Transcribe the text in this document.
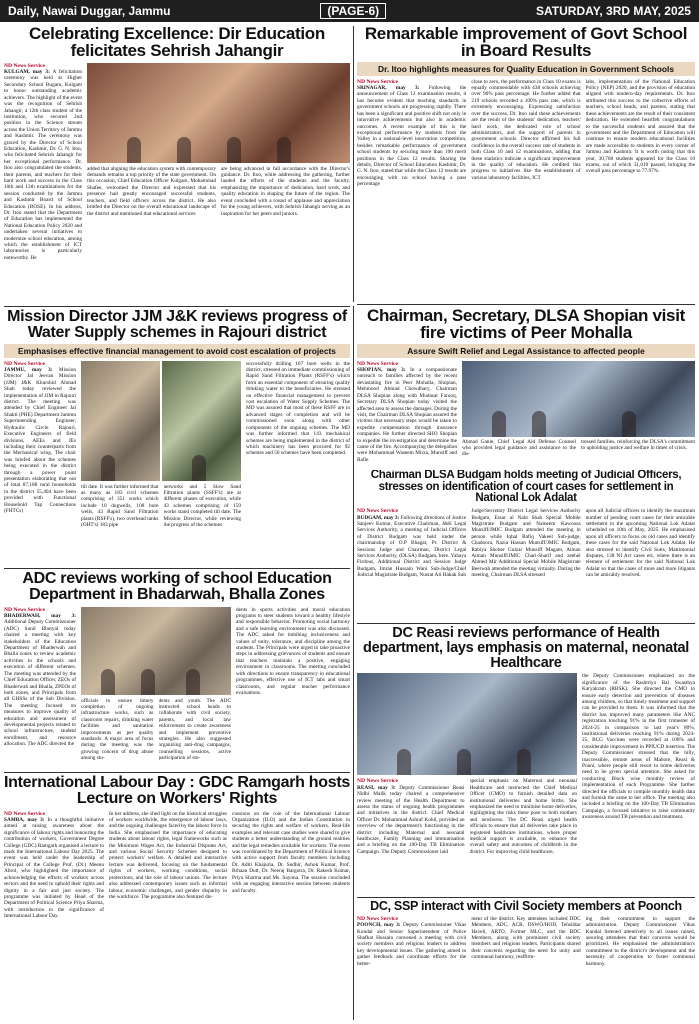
Daily, Nawai Duggar, Jammu	(PAGE-6)	SATURDAY, 3RD MAY, 2025
Celebrating Excellence: Dir Education felicitates Sehrish Jahangir
ND News Service
KULGAM, may 3: A felicitation ceremony was held at Higher Secondary School Bugam, Kulgam to honor outstanding academic achievers. The highlight of the event was the recognition of Sehrish Jahangir, a 12th class student of the institution, who secured 2nd position in the Science stream across the Union Territory of Jammu and Kashmir. The ceremony was graced by the Director of School Education, Kashmir, Dr. G. N. Itoo, who felicitated Sehrish Jahangir for her exceptional performance. Dr. Itoo also congratulated the students, their parents, and teachers for their hard work and success in the Class 10th and 12th examinations for the session conducted by the Jammu and Kashmir Board of School Education (BOSE). In his address, Dr. Itoo stated that the Department of Education has implemented the National Education Policy 2020 and undertaken several initiatives to modernize school education, among which the establishment of ICT laboratories is particularly noteworthy. He
added that aligning the education system with contemporary demands remains a top priority of the state government. On this occasion, Chief Education Officer Kulgam, Mohammad Shafee, welcomed the Director and expressed that his presence had greatly encouraged successful students, teachers, and field officers across the district. He also briefed the Director on the overall educational landscape of the district and mentioned that educational services
are being advanced in full accordance with the Director's guidance. Dr. Itoo, while addressing the gathering, further lauded the efforts of the students and the faculty, emphasizing the importance of dedication, hard work, and quality education in shaping the future of the region. The event concluded with a round of applause and appreciation for the young achievers, with Sehrish Jahangir serving as an inspiration for her peers and juniors.
Remarkable improvement of Govt School in Board Results
Dr. Itoo highlights measures for Quality Education in Government Schools
ND News Service
SRINAGAR, may 3: Following the announcement of Class 12 examination results, it has become evident that teaching standards in government schools are progressing rapidly. There has been a significant and positive shift not only in innovative achievements but also in academic outcomes. A recent example of this is the exceptional performance by students from the Valley in a national-level innovation competition, besides remarkable performance of government school students by securing more than 100 merit positions in the Class 12 results. Sharing the details, Director of School Education Kashmir, Dr. G. N. Itoo, stated that while the Class 12 results are encouraging with no school having a pass percentage
close to zero, the performance in Class 10 exams is equally commendable with 438 schools achieving over 90% pass percentage. He further added that 219 schools recorded a 100% pass rate, which is extremely encouraging. Expressing satisfaction over the success, Dr. Itoo said these achievements are the result of the students' dedication, teachers' hard work, the dedicated role of school administrators, and the support of parents in government schools. Director affirmed his full confidence in the overall success rate of students in both Class 10 and 12 examinations, adding that these statistics indicate a significant improvement in the quality of education. He credited this progress to initiatives like the establishment of various laboratory facilities, ICT
labs, implementation of the National Education Policy (NEP) 2020, and the provision of education aligned with modern-day requirements. Dr. Itoo attributed this success to the collective efforts of teachers, school heads, and parents, stating that these achievements are the result of their consistent dedication. He extended heartfelt congratulations to the successful students and assured that the government and the Department of Education will continue to ensure modern educational facilities are made accessible to students in every corner of Jammu and Kashmir. It is worth noting that this year, 30,768 students appeared for the Class 10 exams, out of which 31,010 passed, bringing the overall pass percentage to 77.97%.
Chairman, Secretary, DLSA Shopian visit fire victims of Peer Mohalla
Assure Swift Relief and Legal Assistance to affected people
ND News Service
SHOPIAN, may 3: In a compassionate outreach to families affected by the recent devastating fire in Peer Mohalla, Shopian, Mehmood Ahmad Chowdhary, Chairman DLSA Shopian along with Mudasar Farooq, Secretary DLSA Shopian today visited the affected area to assess the damages. During the visit, the Chairman DLSA Shopian assured the victims that necessary steps would be taken to expedite compensation through insurance companies. He further directed SHO Shopian to expedite the investigation and determine the cause of the fire. Accompanying the delegation were Mohammad Waseem Mirza, Munsiff and Rafie
Ahmad Ganie, Chief Legal Aid Defense Counsel who provided legal guidance and assistance to the dis-
tressed families, reinforcing the DLSA's commitment to upholding justice and welfare in times of crisis.
Mission Director JJM J&K reviews progress of Water Supply schemes in Rajouri district
Emphasises effective financial management to avoid cost escalation of projects
ND News Service
JAMMU, may 3: Mission Director Jal Jeevan Mission (JJM) J&K Khurshid Ahmad Shah today reviewed the implementation of JJM in Rajouri district. The meeting was attended by Chief Engineer Jal Shakti (PHE) Department Jammu Superintending Engineer, Hydraulic Circle Rajouri, Executive Engineers of field divisions, AEEs and JEs including their counterparts from the Mechanical wing. The chair was briefed about the schemes being executed in the district through a power point presentation elaborating that out of total 87,188 rural households in the district 55,404 have been provided with Functional Household Tap Connections (FHTCs)
till date. It was further informed that as many as 183 civil schemes comprising of 351 works which include 10 dugwells, 108 bore wells, 43 Rapid Sand Filtration plants (RSFF's), two overhead tanks (OHT's) 183 pipe
networks and 5 Slow Sand Filtration plants (SSFF's) are at different phases of execution, while 43 schemes comprising of 159 works stand completed till date. The Mission Director, while reviewing the progress of the schemes
successfully drilling 107 bore wells in the district, stressed on immediate commissioning of Rapid Sand Filtration Plants (RSFF's) which form an essential component of ensuring quality drinking water to the beneficiaries. He stressed on effective financial management to prevent cost escalation of Water Supply Schemes. The MD was assured that most of these RSFF are in advanced stages of completion and will be commissioned soon along with other components of the ongoing schemes. The MD was further informed that 143 mechanical schemes are being implemented in the district of which machinery has been procured for 92 schemes and 50 schemes have been completed.
Chairman DLSA Budgam holds meeting of Judicial Officers, stresses on identification of court cases for settlement in National Lok Adalat
ND News Service
BUDGAM, may 3: Following directions of Justice Sanjeev Kumar, Executive Chairman, J&K Legal Services Authority, a meeting of Judicial Officers of District Budgam was held under the chairmanship of O.P Bhagat, Pr. District & Sessions Judge and Chairman, District Legal Services Authority, (DLSA) Budgam, here. Yahaya Firdous, Additional District and Session Judge Budgam, Imran Hussain Wani Sub-Judge/Chief Judicial Magistrate Budgam, Nusrat Ali Hakak Sub
Judge/Secretary District Legal Services Authority Budgam, Essar ul Nabi Shah Special Mobile Magistrate Budgam and Nameem Kawoosa Munsiff/JMIC Budgam attended the meeting in person while Iqbal Rafiq Vakeel Sub-judge, Chadoora, Nazia Hassan Munsiff/JMIC Budgam, Rabiya Shoher Gulzar Munsiff Magam, Aiman Aiman Munsiff/JMIC Chari-Sharif and zeehel Ahmed Mir Additional Special Mobile Magistrate Beerwah attended the meeting virtually. During the meeting, Chairman DLSA stressed
upon all Judicial officers to identify the maximum number of pending court cases for their amicable settlement in the upcoming National Lok Adalat scheduled on 10th of May, 2025. He emphasised upon all officers to focus on old cases and identify these cases for the said National Lok Adalat. He also stressed to identify Civil Suits, Matrimonial disputes, 138 NI Act cases etc, where there is an element of settlement for the said National Lok Adalat so that the cases of more and more litigants can be amicably resolved.
ADC reviews working of school Education Department in Bhadarwah, Bhalla Zones
ND News Service
BHADERWAH, may 3: Additional Deputy Commissioner (ADC) Sunil Bhutyal today chaired a meeting with key stakeholders of the Education Department of Bhaderwah and Bhalla zones to review academic activities in the schools and execution of different schemes. The meeting was attended by the Chief Education Officer, ZEOs of Bhaderwah and Bhalla, ZPEOs of both zones, and Principals from all GHSSs of the Sub Division. The meeting focused on measures to improve quality of education and assessment of developmental projects related to school infrastructure, student enrollment, and resource allocation. The ADC directed the
officials to ensure timely completion of ongoing infrastructure works, such as classroom repairs, drinking water facilities and sanitation improvements as per quality standards. A major area of focus during the meeting was the growing concern of drug abuse among stu-
dents and youth. The ADC instructed school heads to collaborate with civil society, parents, and local law enforcement to create awareness and implement preventive strategies. He also suggested organizing anti-drug campaigns, counselling sessions, active participation of stu-
dents in sports activities and moral education programs to steer students toward a healthy lifestyle and responsible behavior. Promoting social harmony and a safe learning environment was also discussed. The ADC asked for imbibing inclusiveness and values of unity, tolerance, and discipline among the students. The Principals were urged to take proactive steps in addressing grievances of students and ensure that teachers maintain a positive, engaging environment in classrooms. The meeting concluded with directions to ensure transparency in educational programmes, effective use of ICT labs and smart classrooms, and regular teacher performance evaluations.
DC Reasi reviews performance of Health department, lays emphasis on maternal, neonatal Healthcare
ND News Service
REASI, may 3: Deputy Commissioner Reasi Nidhi Malik today chaired a comprehensive review meeting of the Health Department to assess the status of ongoing health programmes and initiatives in the district. Chief Medical Officer Dr. Mohammad Ashraf Kohli, provided an overview of the department's functioning in the district including Maternal and neonatal healthcare, Family Planning and immunisation and a briefing on the 100-Day TB Elimination Campaign. The Deputy Commissioner laid
special emphasis on Maternal and neonatal Healthcare and instructed the Chief Medical Officer (CMO) to furnish detailed data on institutional deliveries and home births. She emphasized the need to minimise home deliveries, highlighting the risks these pose to both mothers and newborns. The DC Reasi urged health officials to ensure that all deliveries take place in registered healthcare institutions, where proper medical support is available, to enhance the overall safety and outcomes of childbirth in the district. For improving child healthcare,
the Deputy Commissioner emphasized on the significance of the Rashtriya Bal Swasthya Karyakram (RBSK). She directed the CMO to ensure early detection and prevention of diseases among children, so that timely treatment and support can be provided to them. It was informed that the district has improved many parameters like ANC registration touching 91% in the first trimester of 2024-25 in comparison to last year's 80%, institutional deliveries reaching 91% during 2024-25, BCG Vaccines were recorded at 108% and considerable improvement in PPIUCD insertion. The Deputy Commissioner stressed that the hilly, inaccessible, remote areas of Mahore, Reasi & Pouni, where people still resort to home deliveries need to be given special attention. She asked for conducting Block wise monthly review of implementation of each Programme. She further directed the officials to compile monthly health data and furnish the same to her office. The meeting also included a briefing on the 100-Day TB Elimination Campaign, a focused initiative to raise community awareness around TB prevention and treatment.
International Labour Day : GDC Ramgarh hosts Lecture on Workers' Rights
ND News Service
SAMBA, may 3: In a thoughtful initiative aimed at raising awareness about the significance of labour rights and honouring the contribution of workers, Government Degree College (GDC) Ramgarh organised a lecture to mark the International Labour Day 2025. The event was held under the leadership of Principal of the College Prof. (Dr.) Meenu Abrol, who highlighted the importance of acknowledging the efforts of workers across sectors and the need to uphold their rights and dignity in a fair and just society. The programme was initiated by Head of the Department of Political Science Priya Sharma, with introduction to the significance of International Labour Day.
In her address, she shed light on the historical struggles of workers worldwide, the emergence of labour laws, and the ongoing challenges faced by the labour force in India. She emphasised the importance of educating students about labour rights, legal frameworks such as the Minimum Wages Act, the Industrial Disputes Act, and various Social Security Schemes designed to protect workers' welfare. A detailed and interactive lecture was delivered, focusing on the fundamental rights of workers, working conditions, social protections, and the role of labour unions. The lecture also addressed contemporary issues such as informal labour, economic challenges, and gender disparity in the workforce. The programme also featured dis-
cussions on the role of the International Labour Organization (ILO) and the Indian Constitution in securing the rights and welfare of workers. Real-life examples and relevant case studies were shared to give students a better understanding of the ground realities and the legal remedies available for workers. The event was coordinated by the Department of Political Science with active support from faculty members including Dr. Aditi Khajuria, Dr. Sudhir, Ashok Kumar, Prof. Brhaan Dutt, Dr. Neeraj Bargotra, Dr. Rakesh Kumar, Priya Sharma and Ms. Sayona. The session concluded with an engaging interactive session between students and faculty.
DC, SSP interact with Civil Society members at Poonch
ND News Service
POONCH, may 3: Deputy Commissioner Vikas Kundal and Senior Superintendent of Police Shafkat Hussain convened a meeting with civil society members and religious leaders to address key developmental issues. The gathering aimed to gather feedback and coordinate efforts for the better-
ment of the district. Key attendees included DDC Members, ADC, ACR, DSWO/HOD, Tehsildar Haveli, ARTO, Former MLC, and the BDC Members, along with prominent civil society members and religious leaders. Participants shared their concerns regarding the need for unity and communal harmony, reaffirm-
ing their commitment to support the administration. Deputy Commissioner Vikas Kundal listened attentively to all issues raised, assuring attendees that their concerns would be prioritized. He emphasised the administration's commitment to the district's development and the necessity of cooperation to foster communal harmony.
